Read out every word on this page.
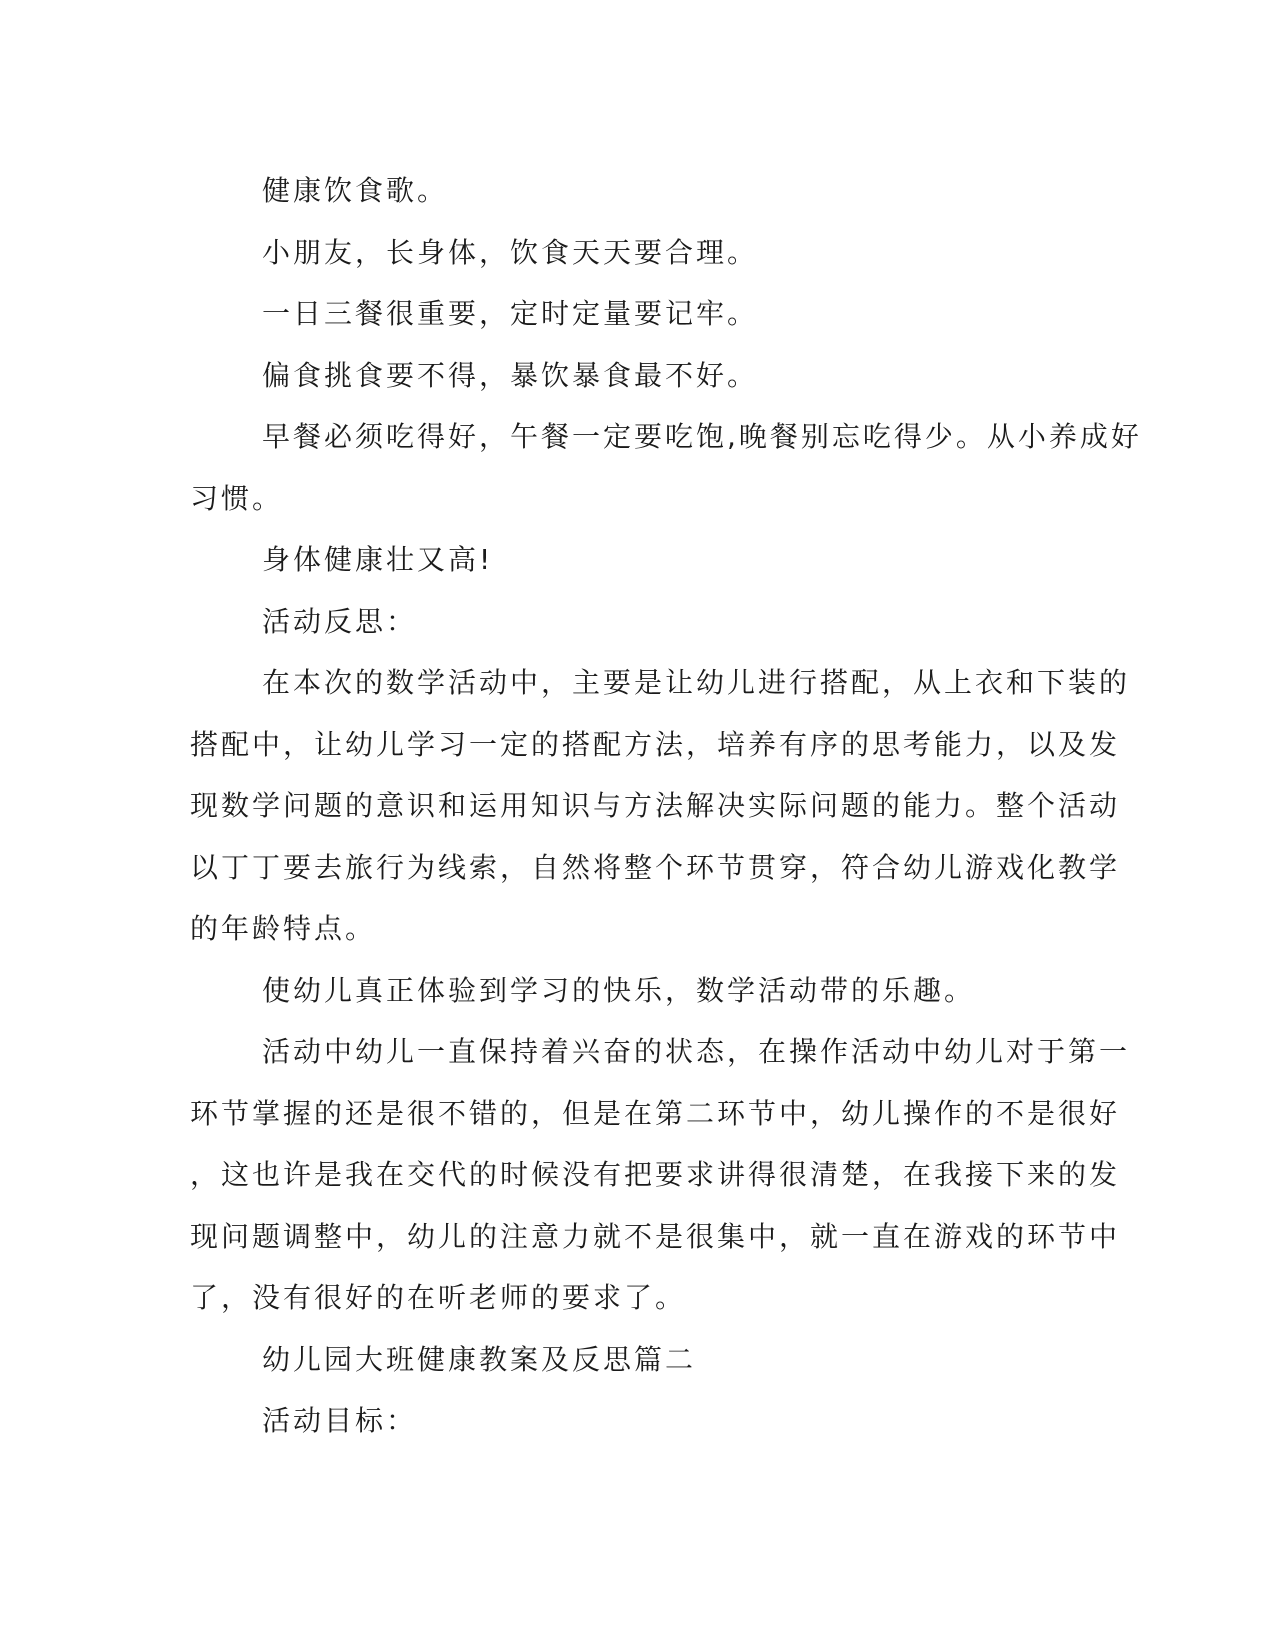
健康饮食歌。

小朋友，长身体，饮食天天要合理。

一日三餐很重要，定时定量要记牢。

偏食挑食要不得，暴饮暴食最不好。

早餐必须吃得好，午餐一定要吃饱,晚餐别忘吃得少。从小养成好

习惯。

身体健康壮又高!

活动反思：

在本次的数学活动中，主要是让幼儿进行搭配，从上衣和下装的

搭配中，让幼儿学习一定的搭配方法，培养有序的思考能力，以及发

现数学问题的意识和运用知识与方法解决实际问题的能力。整个活动

以丁丁要去旅行为线索，自然将整个环节贯穿，符合幼儿游戏化教学

的年龄特点。

使幼儿真正体验到学习的快乐，数学活动带的乐趣。

活动中幼儿一直保持着兴奋的状态，在操作活动中幼儿对于第一

环节掌握的还是很不错的，但是在第二环节中，幼儿操作的不是很好

，这也许是我在交代的时候没有把要求讲得很清楚，在我接下来的发

现问题调整中，幼儿的注意力就不是很集中，就一直在游戏的环节中

了，没有很好的在听老师的要求了。

幼儿园大班健康教案及反思篇二

活动目标：
